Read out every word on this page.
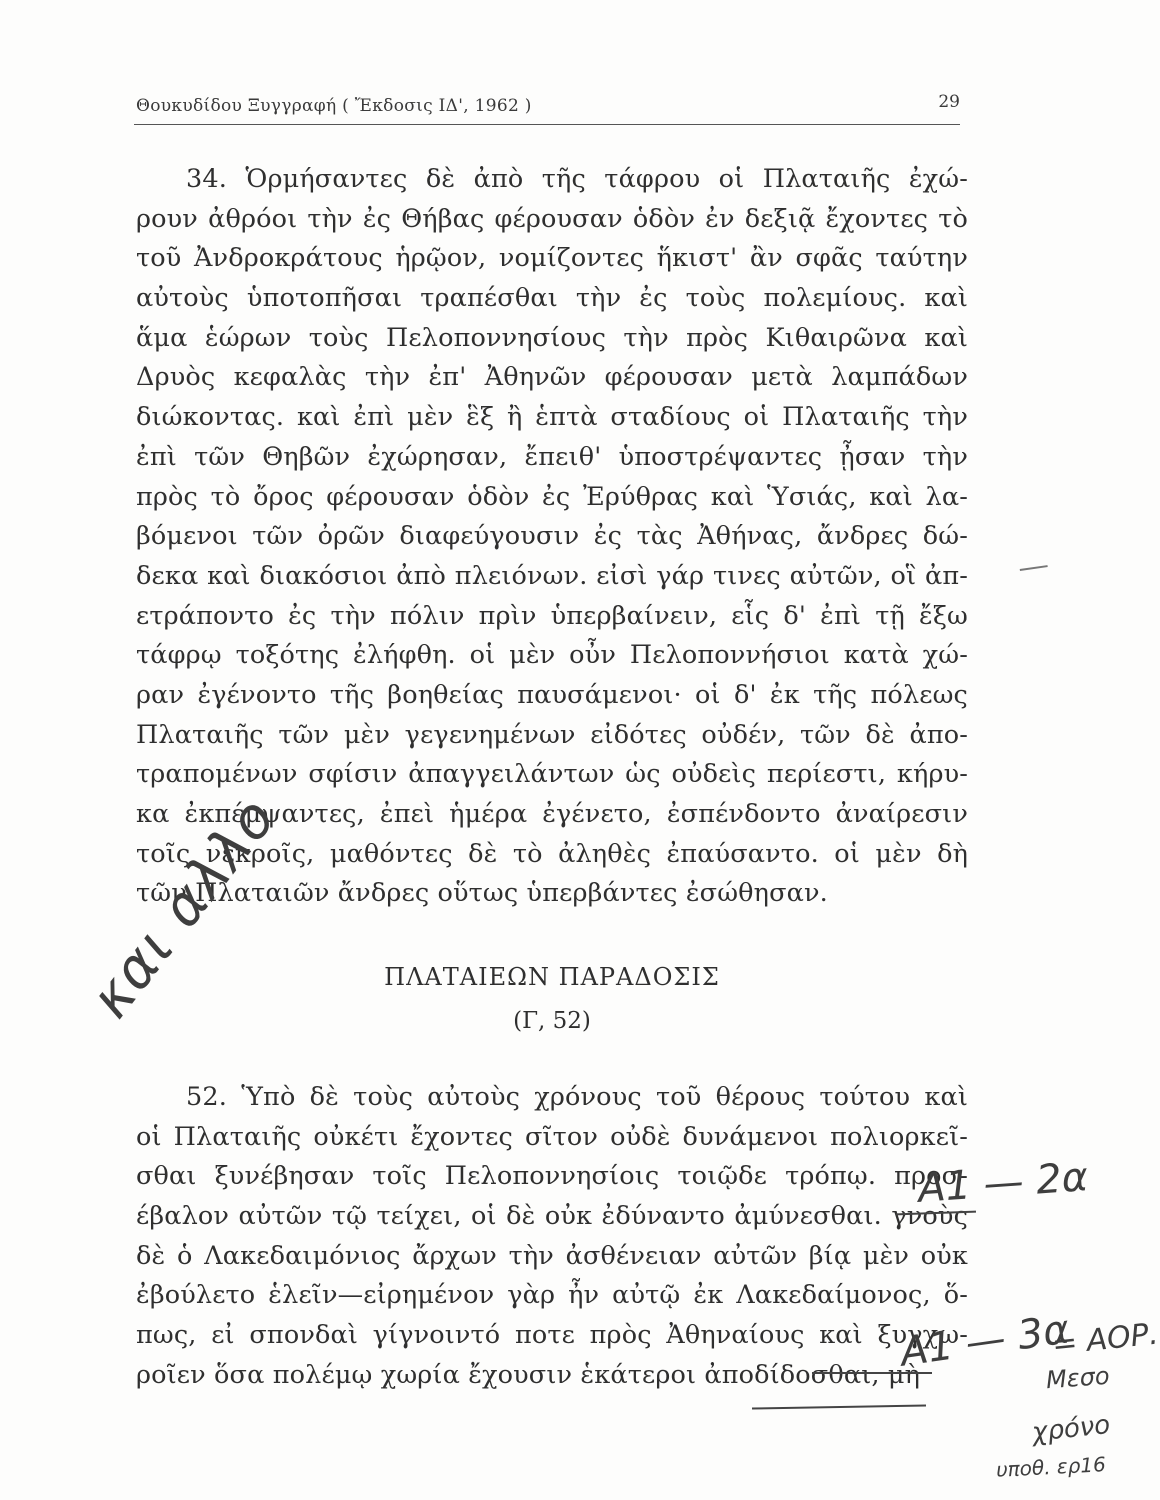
Θουκυδίδου Ξυγγραφή ( Ἔκδοσις ΙΔ', 1962 )	29
34. Ὁρμήσαντες δὲ ἀπὸ τῆς τάφρου οἱ Πλαταιῆς ἐχώ-
ρουν ἀθρόοι τὴν ἐς Θήβας φέρουσαν ὁδὸν ἐν δεξιᾷ ἔχοντες τὸ
τοῦ Ἀνδροκράτους ἡρῷον, νομίζοντες ἥκιστ' ἂν σφᾶς ταύτην
αὐτοὺς ὑποτοπῆσαι τραπέσθαι τὴν ἐς τοὺς πολεμίους. καὶ
ἅμα ἑώρων τοὺς Πελοποννησίους τὴν πρὸς Κιθαιρῶνα καὶ
Δρυὸς κεφαλὰς τὴν ἐπ' Ἀθηνῶν φέρουσαν μετὰ λαμπάδων
διώκοντας. καὶ ἐπὶ μὲν ἓξ ἢ ἑπτὰ σταδίους οἱ Πλαταιῆς τὴν
ἐπὶ τῶν Θηβῶν ἐχώρησαν, ἔπειθ' ὑποστρέψαντες ᾖσαν τὴν
πρὸς τὸ ὄρος φέρουσαν ὁδὸν ἐς Ἐρύθρας καὶ Ὑσιάς, καὶ λα-
βόμενοι τῶν ὀρῶν διαφεύγουσιν ἐς τὰς Ἀθήνας, ἄνδρες δώ-
δεκα καὶ διακόσιοι ἀπὸ πλειόνων. εἰσὶ γάρ τινες αὐτῶν, οἳ ἀπ-
ετράποντο ἐς τὴν πόλιν πρὶν ὑπερβαίνειν, εἷς δ' ἐπὶ τῇ ἔξω
τάφρῳ τοξότης ἐλήφθη. οἱ μὲν οὖν Πελοποννήσιοι κατὰ χώ-
ραν ἐγένοντο τῆς βοηθείας παυσάμενοι· οἱ δ' ἐκ τῆς πόλεως
Πλαταιῆς τῶν μὲν γεγενημένων εἰδότες οὐδέν, τῶν δὲ ἀπο-
τραπομένων σφίσιν ἀπαγγειλάντων ὡς οὐδεὶς περίεστι, κήρυ-
κα ἐκπέμψαντες, ἐπεὶ ἡμέρα ἐγένετο, ἐσπένδοντο ἀναίρεσιν
τοῖς νεκροῖς, μαθόντες δὲ τὸ ἀληθὲς ἐπαύσαντο. οἱ μὲν δὴ
τῶν Πλαταιῶν ἄνδρες οὕτως ὑπερβάντες ἐσώθησαν.
ΠΛΑΤΑΙΕΩΝ ΠΑΡΑΔΟΣΙΣ
(Γ, 52)
52. Ὑπὸ δὲ τοὺς αὐτοὺς χρόνους τοῦ θέρους τούτου καὶ
οἱ Πλαταιῆς οὐκέτι ἔχοντες σῖτον οὐδὲ δυνάμενοι πολιορκεῖ-
σθαι ξυνέβησαν τοῖς Πελοποννησίοις τοιῷδε τρόπῳ. προσ-
έβαλον αὐτῶν τῷ τείχει, οἱ δὲ οὐκ ἐδύναντο ἀμύνεσθαι. γνοὺς
δὲ ὁ Λακεδαιμόνιος ἄρχων τὴν ἀσθένειαν αὐτῶν βίᾳ μὲν οὐκ
ἐβούλετο ἑλεῖν—εἰρημένον γὰρ ἦν αὐτῷ ἐκ Λακεδαίμονος, ὅ-
πως, εἰ σπονδαὶ γίγνοιντό ποτε πρὸς Ἀθηναίους καὶ ξυγχω-
ροῖεν ὅσα πολέμῳ χωρία ἔχουσιν ἑκάτεροι ἀποδίδοσθαι, μὴ
και αλλο
Α1 — 2α
Α1 — 3α
= ΑΟΡ.
Μεσο
χρόνο
υποθ. ερ16
